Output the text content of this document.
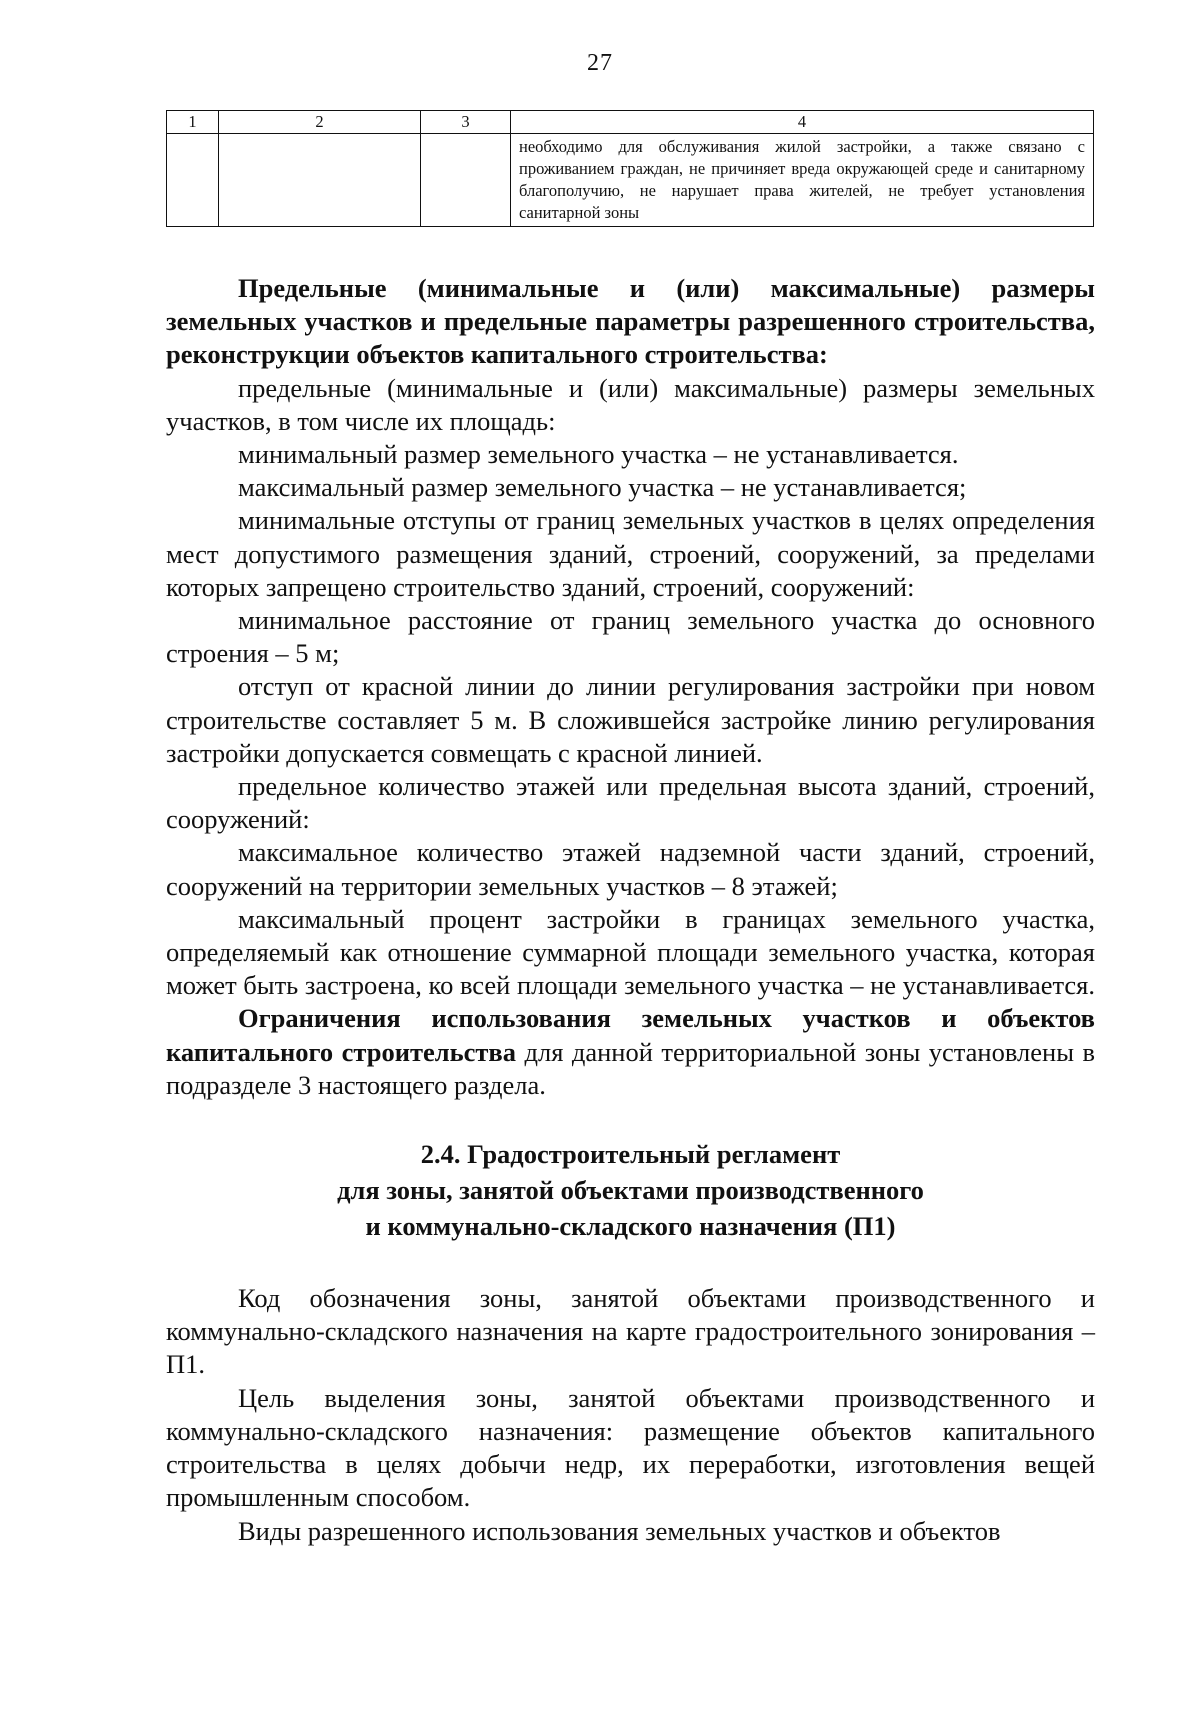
27
1	2	3	4
			необходимо для обслуживания жилой застройки, а также связано с проживанием граждан, не причиняет вреда окружающей среде и санитарному благополучию, не нарушает права жителей, не требует установления санитарной зоны

Предельные (минимальные и (или) максимальные) размеры земельных участков и предельные параметры разрешенного строительства, реконструкции объектов капитального строительства:

предельные (минимальные и (или) максимальные) размеры земельных участков, в том числе их площадь:

минимальный размер земельного участка – не устанавливается.

максимальный размер земельного участка – не устанавливается;

минимальные отступы от границ земельных участков в целях определения мест допустимого размещения зданий, строений, сооружений, за пределами которых запрещено строительство зданий, строений, сооружений:

минимальное расстояние от границ земельного участка до основного строения – 5 м;

отступ от красной линии до линии регулирования застройки при новом строительстве составляет 5 м. В сложившейся застройке линию регулирования застройки допускается совмещать с красной линией.

предельное количество этажей или предельная высота зданий, строений, сооружений:

максимальное количество этажей надземной части зданий, строений, сооружений на территории земельных участков – 8 этажей;

максимальный процент застройки в границах земельного участка, определяемый как отношение суммарной площади земельного участка, которая может быть застроена, ко всей площади земельного участка – не устанавливается.

Ограничения использования земельных участков и объектов капитального строительства для данной территориальной зоны установлены в подразделе 3 настоящего раздела.

2.4. Градостроительный регламент
для зоны, занятой объектами производственного
и коммунально-складского назначения (П1)

Код обозначения зоны, занятой объектами производственного и коммунально-складского назначения на карте градостроительного зонирования – П1.

Цель выделения зоны, занятой объектами производственного и коммунально-складского назначения: размещение объектов капитального строительства в целях добычи недр, их переработки, изготовления вещей промышленным способом.

Виды разрешенного использования земельных участков и объектов
